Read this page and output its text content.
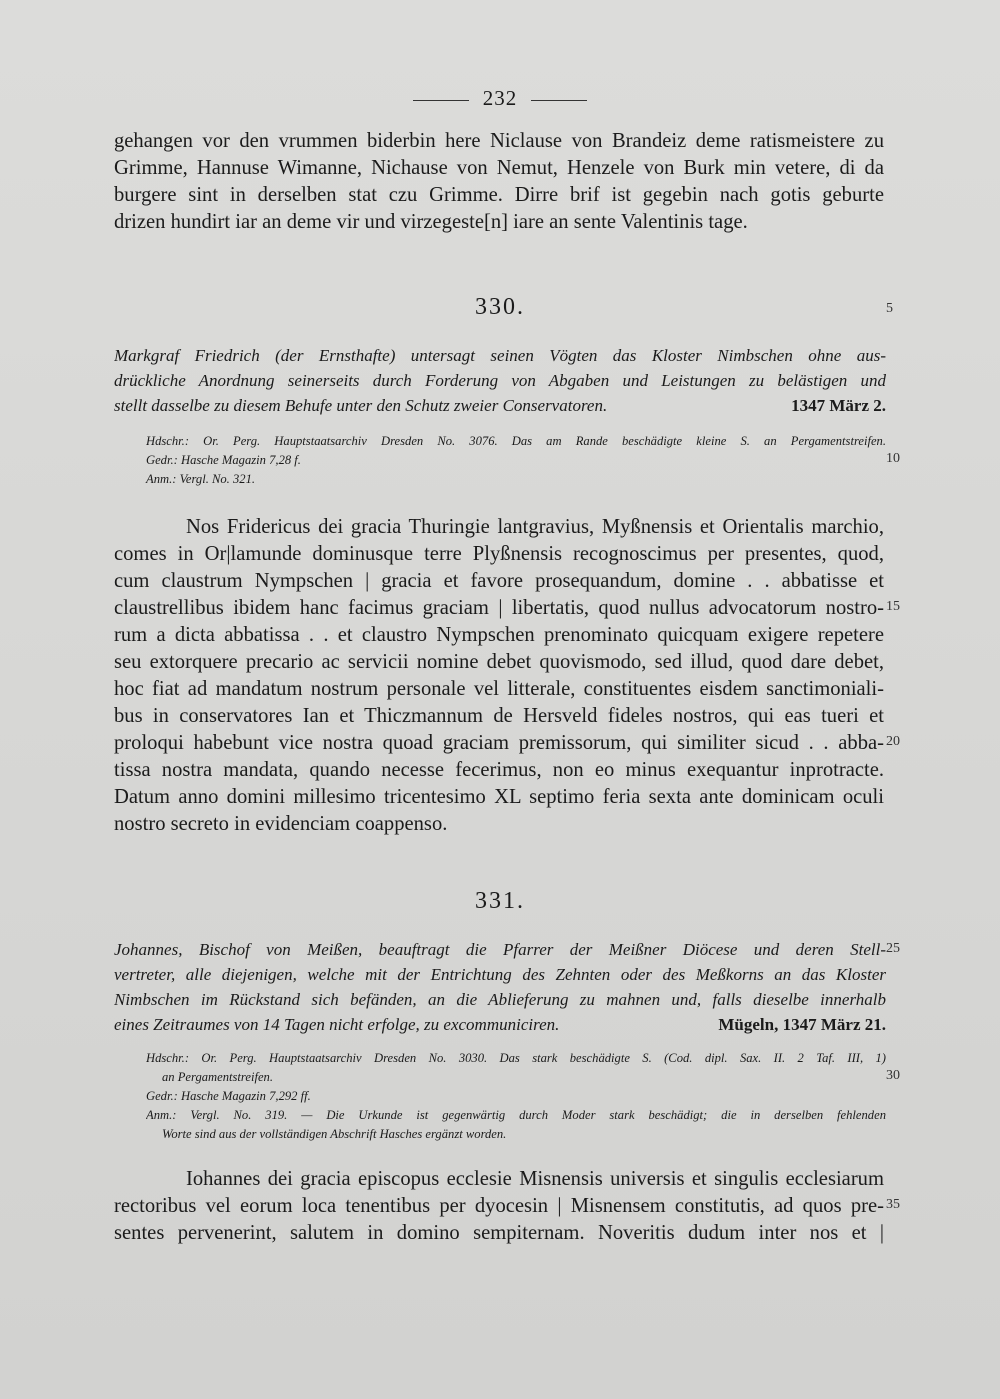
232
gehangen vor den vrummen biderbin here Niclause von Brandeiz deme ratismeistere zu
Grimme, Hannuse Wimanne, Nichause von Nemut, Henzele von Burk min vetere, di da
burgere sint in derselben stat czu Grimme. Dirre brif ist gegebin nach gotis geburte
drizen hundirt iar an deme vir und virzegeste[n] iare an sente Valentinis tage.
330.	5
Markgraf Friedrich (der Ernsthafte) untersagt seinen Vögten das Kloster Nimbschen ohne aus-
drückliche Anordnung seinerseits durch Forderung von Abgaben und Leistungen zu belästigen und
stellt dasselbe zu diesem Behufe unter den Schutz zweier Conservatoren.	1347 März 2.
Hdschr.: Or. Perg. Hauptstaatsarchiv Dresden No. 3076. Das am Rande beschädigte kleine S. an Pergamentstreifen.
Gedr.: Hasche Magazin 7,28 f.	10
Anm.: Vergl. No. 321.
Nos Fridericus dei gracia Thuringie lantgravius, Myßnensis et Orientalis marchio,
comes in Or|lamunde dominusque terre Plyßnensis recognoscimus per presentes, quod,
cum claustrum Nympschen | gracia et favore prosequandum, domine . . abbatisse et
claustrellibus ibidem hanc facimus graciam | libertatis, quod nullus advocatorum nostro- 15
rum a dicta abbatissa . . et claustro Nympschen prenominato quicquam exigere repetere
seu extorquere precario ac servicii nomine debet quovismodo, sed illud, quod dare debet,
hoc fiat ad mandatum nostrum personale vel litterale, constituentes eisdem sanctimoniali-
bus in conservatores Ian et Thiczmannum de Hersveld fideles nostros, qui eas tueri et
proloqui habebunt vice nostra quoad graciam premissorum, qui similiter sicud . . abba- 20
tissa nostra mandata, quando necesse fecerimus, non eo minus exequantur inprotracte.
Datum anno domini millesimo tricentesimo XL septimo feria sexta ante dominicam oculi
nostro secreto in evidenciam coappenso.
331.
Johannes, Bischof von Meißen, beauftragt die Pfarrer der Meißner Diöcese und deren Stell- 25
vertreter, alle diejenigen, welche mit der Entrichtung des Zehnten oder des Meßkorns an das Kloster
Nimbschen im Rückstand sich befänden, an die Ablieferung zu mahnen und, falls dieselbe innerhalb
eines Zeitraumes von 14 Tagen nicht erfolge, zu excommuniciren.	Mügeln, 1347 März 21.
Hdschr.: Or. Perg. Hauptstaatsarchiv Dresden No. 3030. Das stark beschädigte S. (Cod. dipl. Sax. II. 2 Taf. III, 1)
an Pergamentstreifen.	30
Gedr.: Hasche Magazin 7,292 ff.
Anm.: Vergl. No. 319. — Die Urkunde ist gegenwärtig durch Moder stark beschädigt; die in derselben fehlenden
Worte sind aus der vollständigen Abschrift Hasches ergänzt worden.
Iohannes dei gracia episcopus ecclesie Misnensis universis et singulis ecclesiarum
rectoribus vel eorum loca tenentibus per dyocesin | Misnensem constitutis, ad quos pre- 35
sentes pervenerint, salutem in domino sempiternam. Noveritis dudum inter nos et |
